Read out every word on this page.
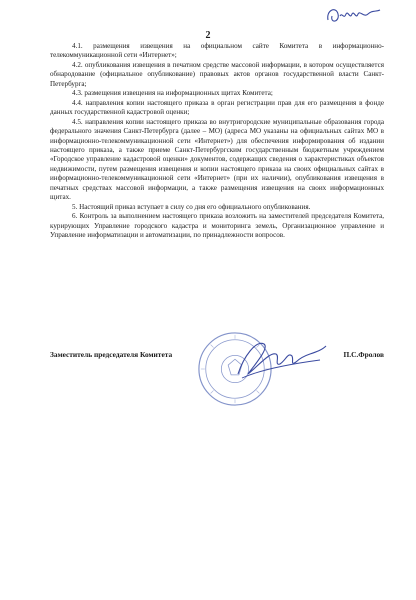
2

4.1. размещения извещения на официальном сайте Комитета в информационно-телекоммуникационной сети «Интернет»;

4.2. опубликования извещения в печатном средстве массовой информации, в котором осуществляется обнародование (официальное опубликование) правовых актов органов государственной власти Санкт-Петербурга;

4.3. размещения извещения на информационных щитах Комитета;

4.4. направления копии настоящего приказа в орган регистрации прав для его размещения в фонде данных государственной кадастровой оценки;

4.5. направления копии настоящего приказа во внутригородские муниципальные образования города федерального значения Санкт-Петербурга (далее – МО) (адреса МО указаны на официальных сайтах МО в информационно-телекоммуникационной сети «Интернет») для обеспечения информирования об издании настоящего приказа, а также приеме Санкт-Петербургским государственным бюджетным учреждением «Городское управление кадастровой оценки» документов, содержащих сведения о характеристиках объектов недвижимости, путем размещения извещения и копии настоящего приказа на своих официальных сайтах в информационно-телекоммуникационной сети «Интернет» (при их наличии), опубликования извещения в печатных средствах массовой информации, а также размещения извещения на своих информационных щитах.

5. Настоящий приказ вступает в силу со дня его официального опубликования.

6. Контроль за выполнением настоящего приказа возложить на заместителей председателя Комитета, курирующих Управление городского кадастра и мониторинга земель, Организационное управление и Управление информатизации и автоматизации, по принадлежности вопросов.

Заместитель председателя Комитета	П.С.Фролов
